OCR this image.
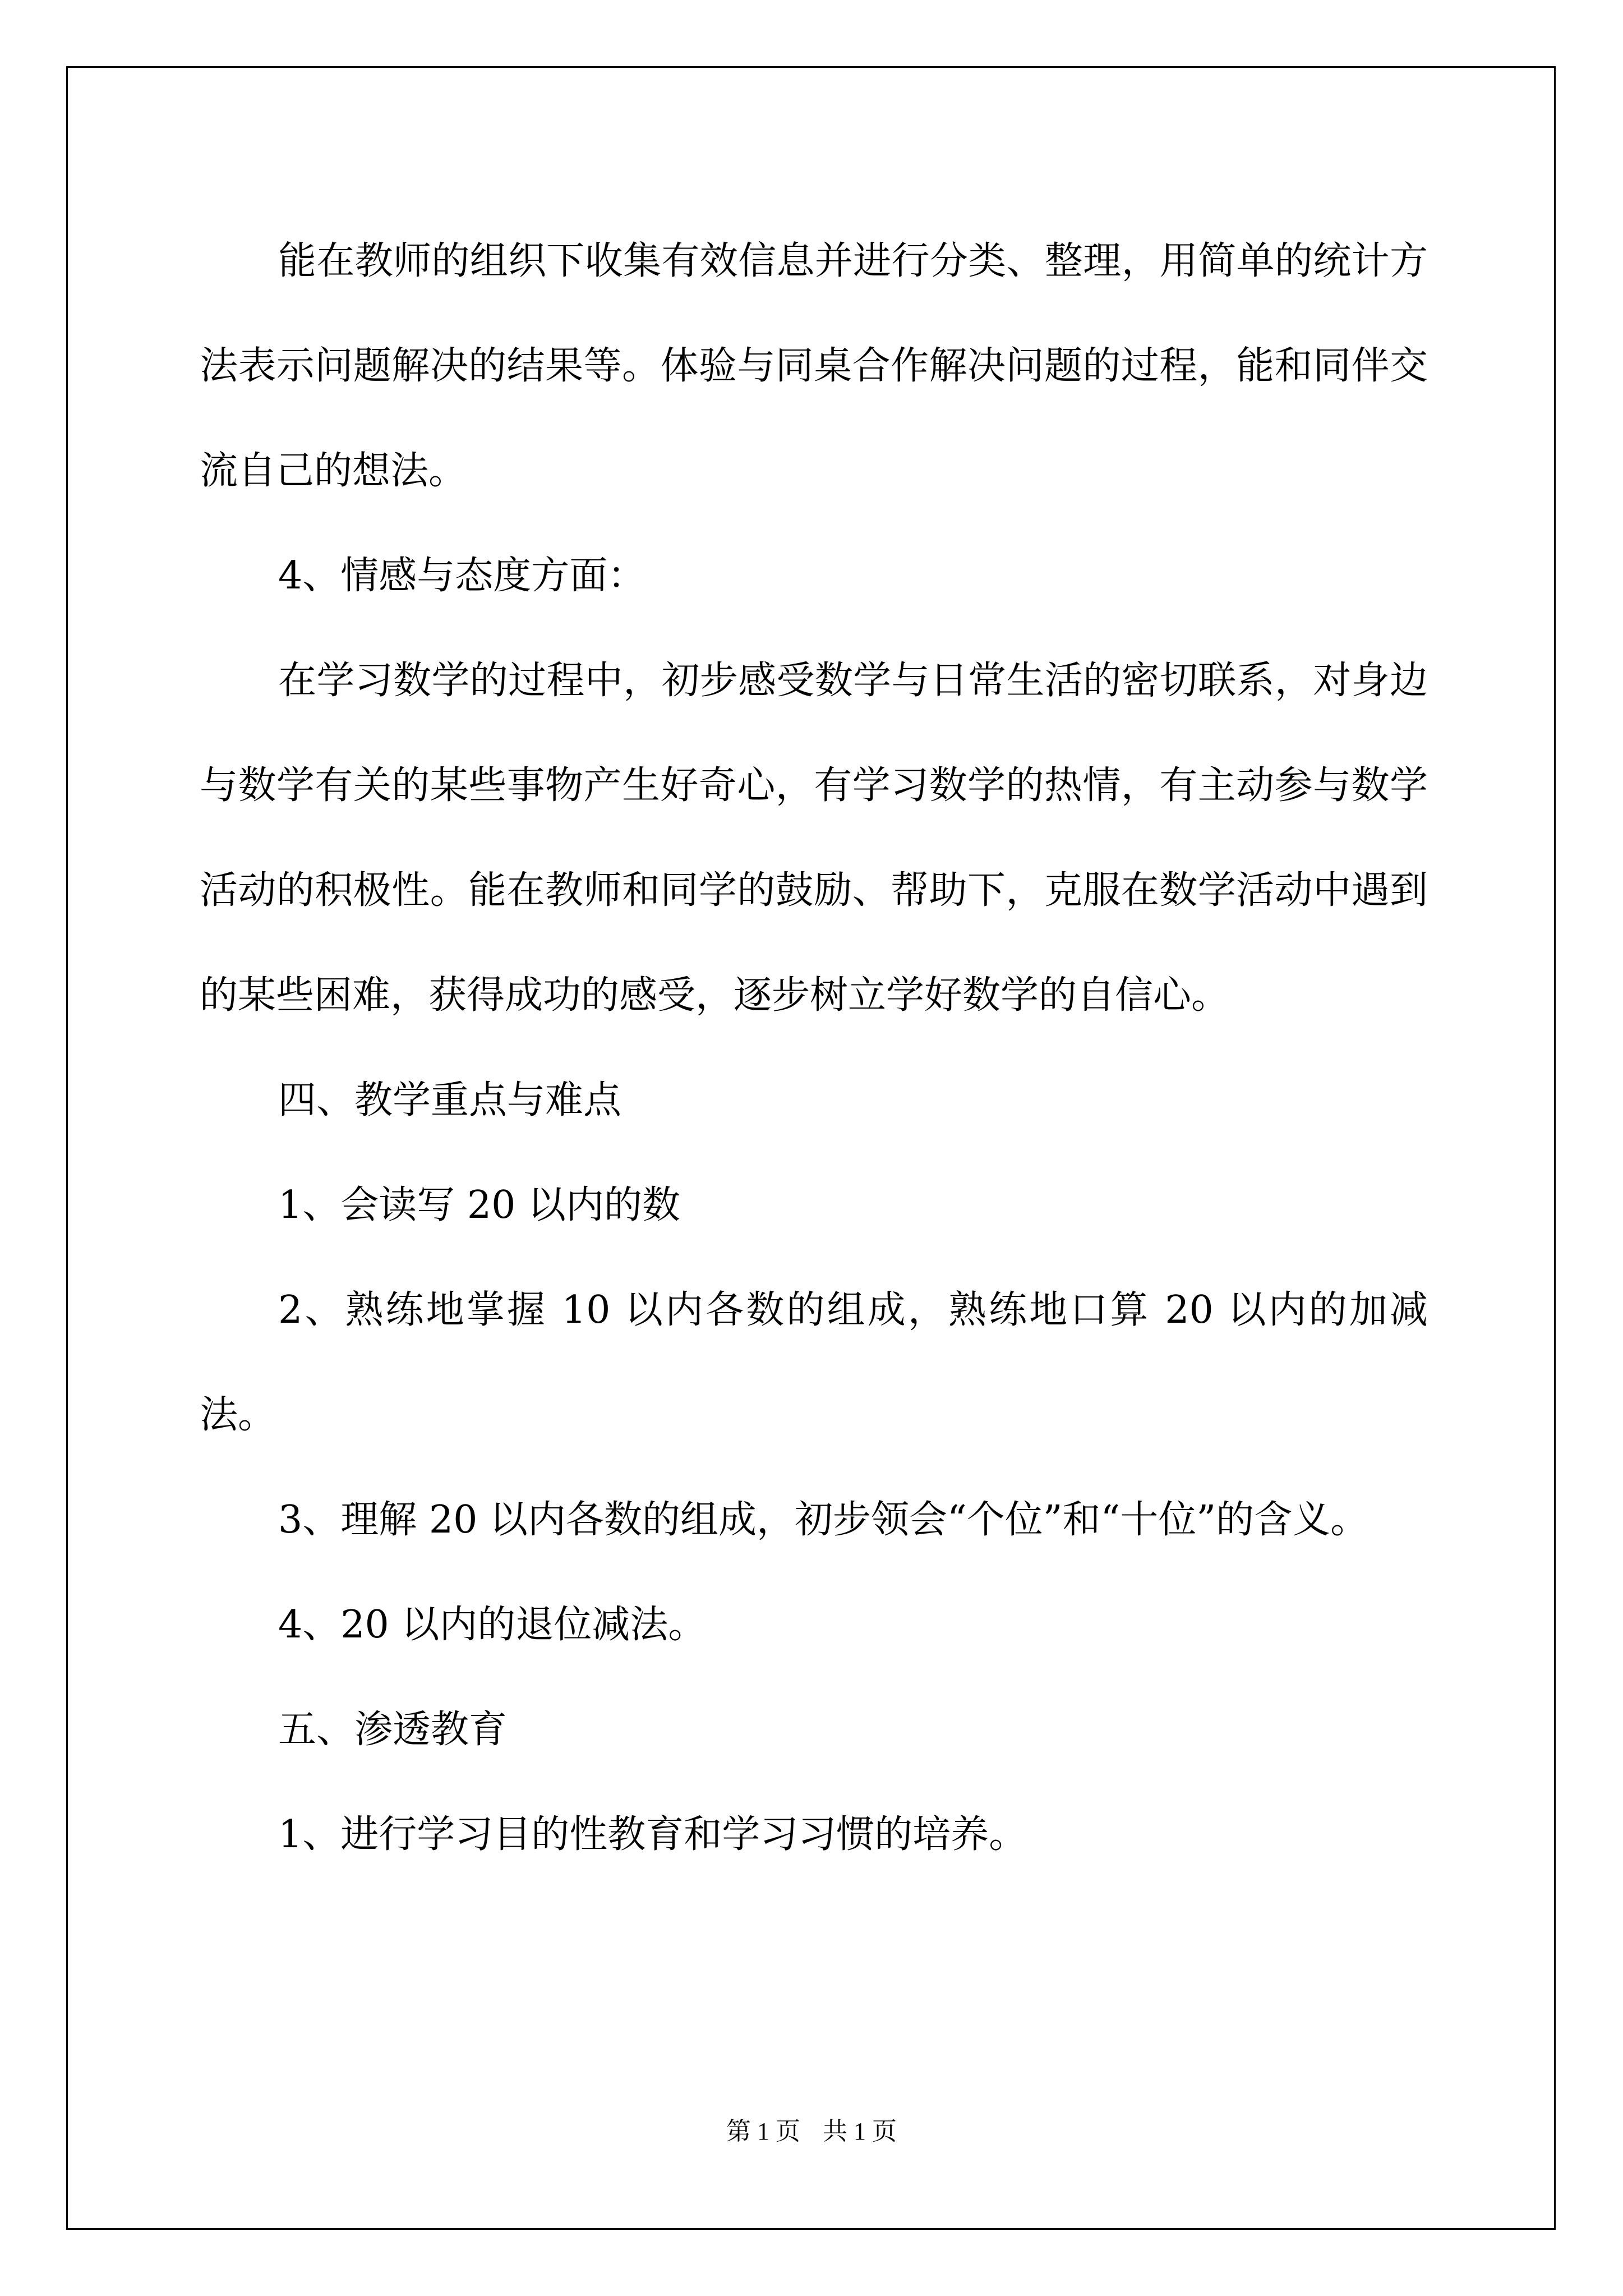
能在教师的组织下收集有效信息并进行分类、整理，用简单的统计方法表示问题解决的结果等。体验与同桌合作解决问题的过程，能和同伴交流自己的想法。

4、情感与态度方面：

在学习数学的过程中，初步感受数学与日常生活的密切联系，对身边与数学有关的某些事物产生好奇心，有学习数学的热情，有主动参与数学活动的积极性。能在教师和同学的鼓励、帮助下，克服在数学活动中遇到的某些困难，获得成功的感受，逐步树立学好数学的自信心。

四、教学重点与难点

1、会读写 20 以内的数

2、熟练地掌握 10 以内各数的组成，熟练地口算 20 以内的加减法。

3、理解 20 以内各数的组成，初步领会“个位”和“十位”的含义。

4、20 以内的退位减法。

五、渗透教育

1、进行学习目的性教育和学习习惯的培养。

第 1 页 共 1 页
